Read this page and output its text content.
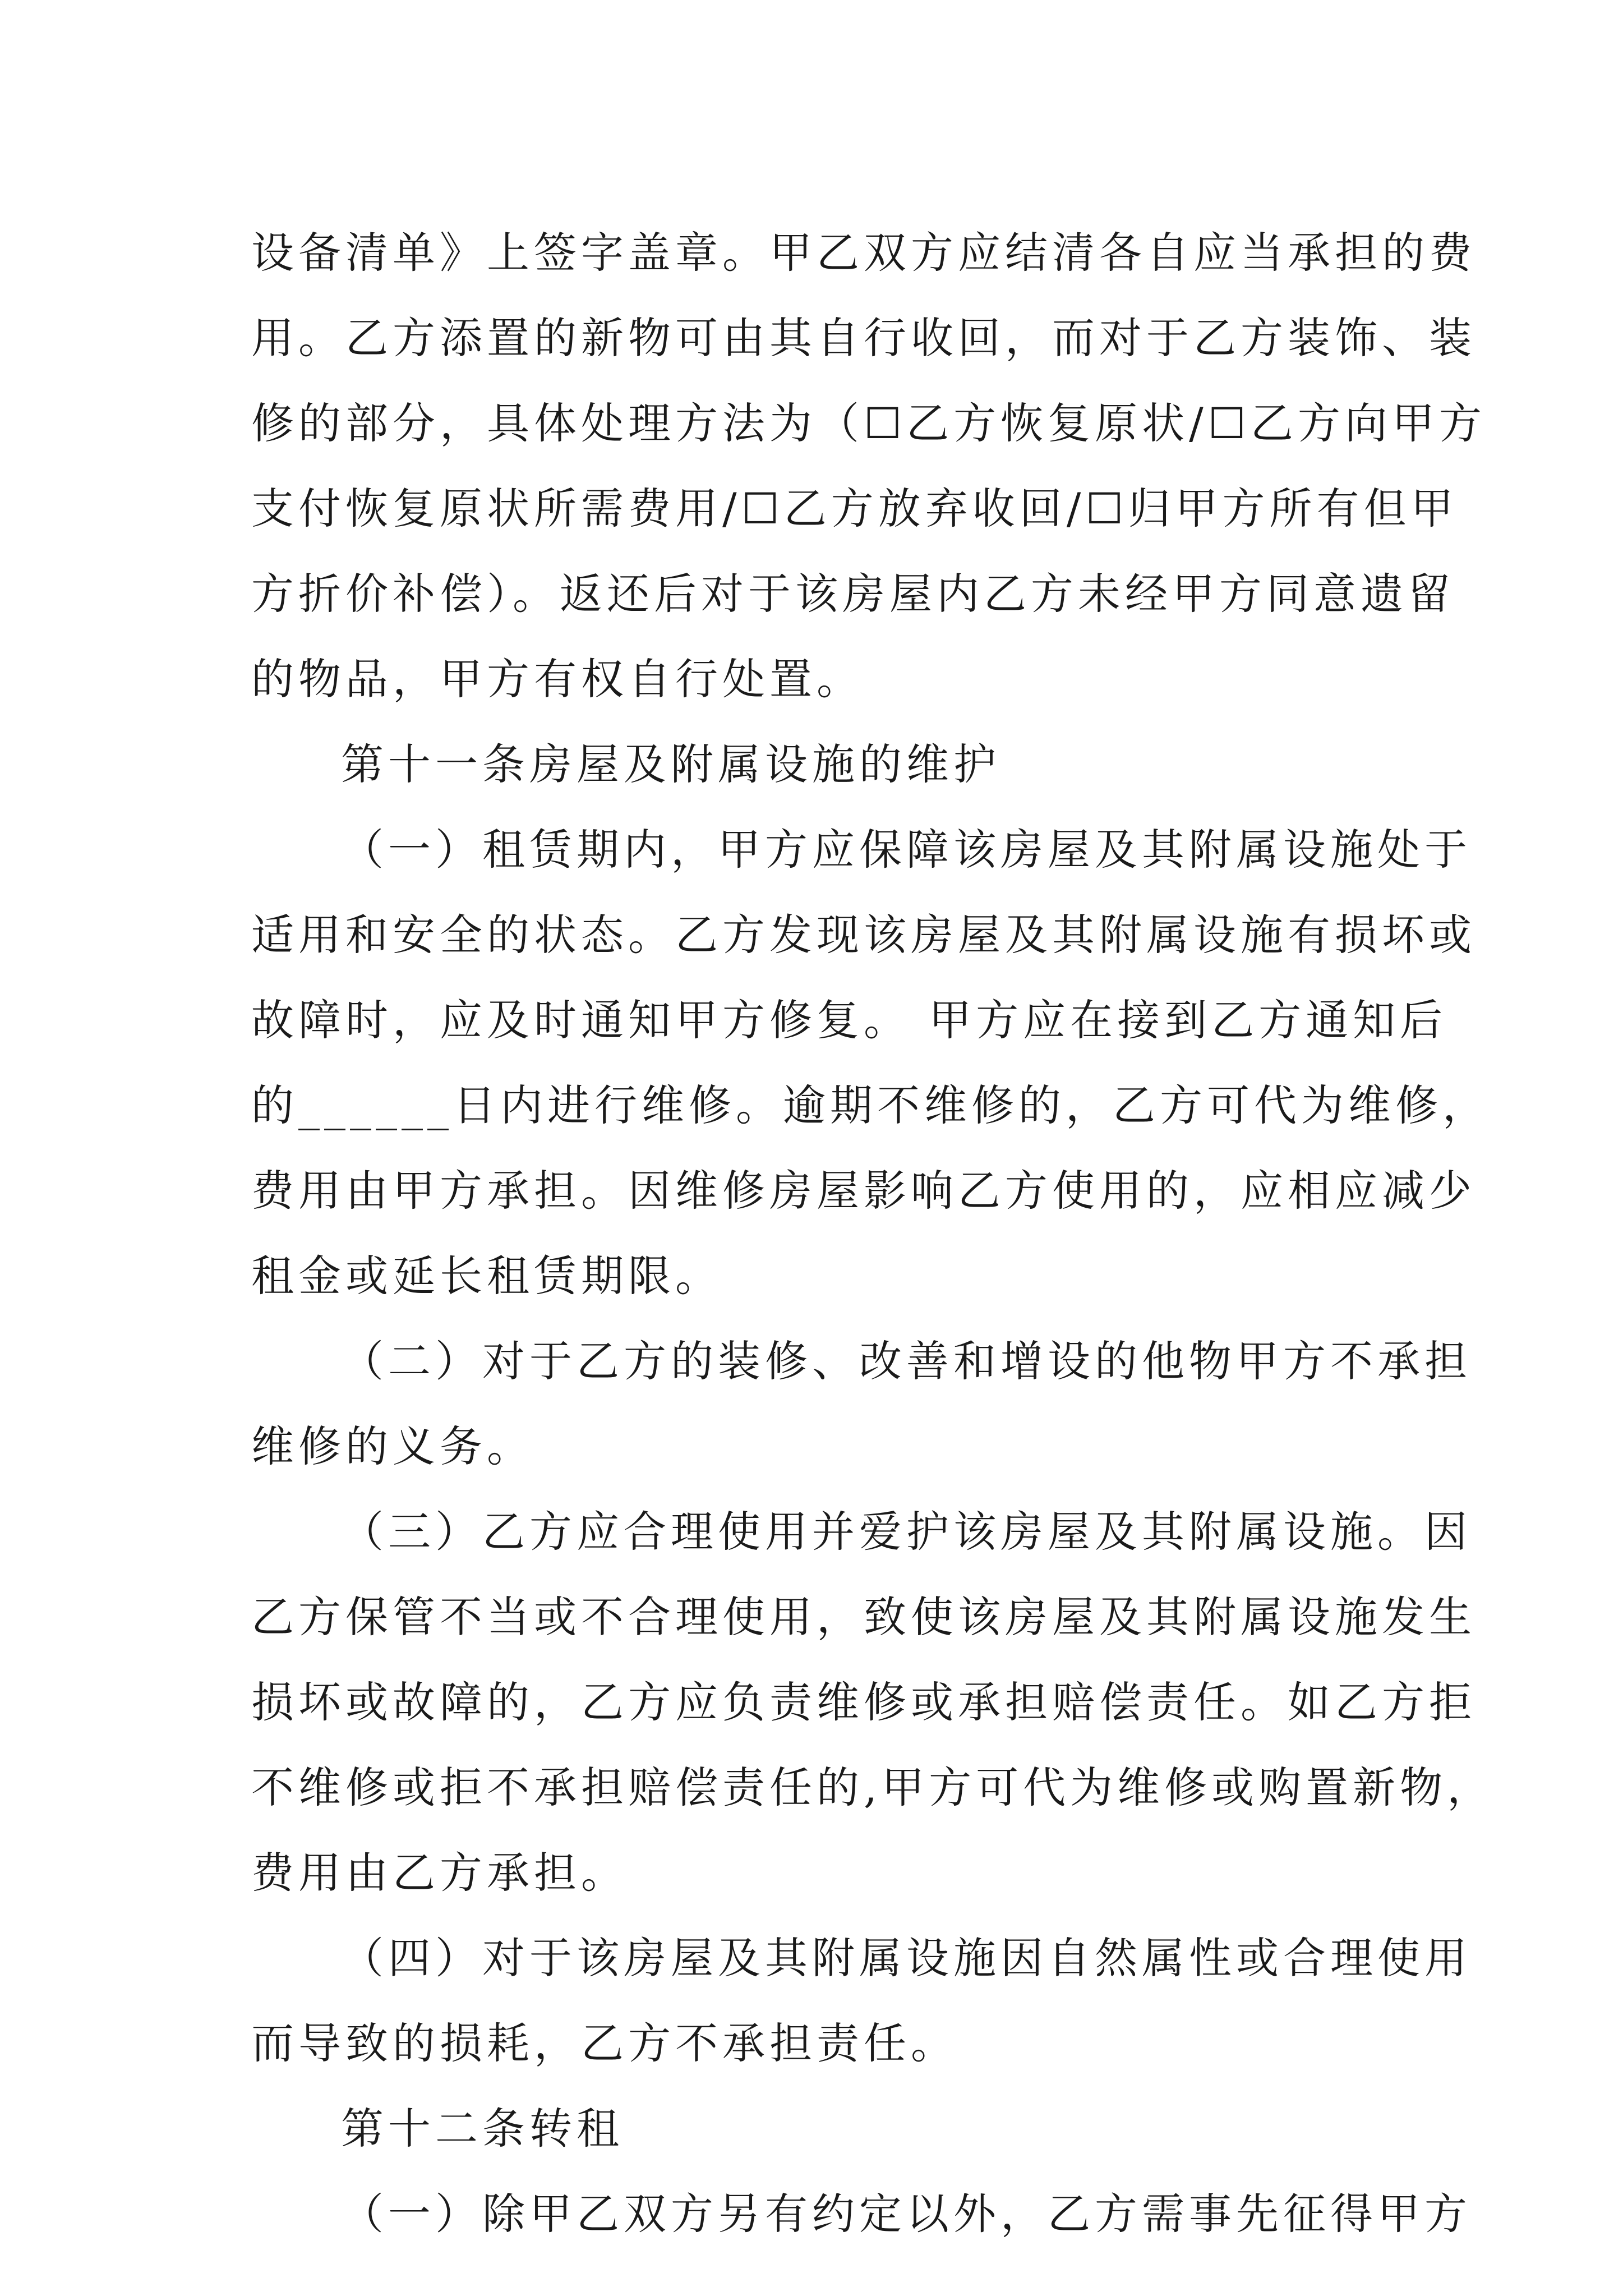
设备清单》上签字盖章。甲乙双方应结清各自应当承担的费
用。乙方添置的新物可由其自行收回，而对于乙方装饰、装
修的部分，具体处理方法为（☐乙方恢复原状/☐乙方向甲方
支付恢复原状所需费用/☐乙方放弃收回/☐归甲方所有但甲
方折价补偿）。返还后对于该房屋内乙方未经甲方同意遗留
的物品，甲方有权自行处置。
第十一条房屋及附属设施的维护
（一）租赁期内，甲方应保障该房屋及其附属设施处于
适用和安全的状态。乙方发现该房屋及其附属设施有损坏或
故障时，应及时通知甲方修复。 甲方应在接到乙方通知后
的______日内进行维修。逾期不维修的，乙方可代为维修，
费用由甲方承担。因维修房屋影响乙方使用的，应相应减少
租金或延长租赁期限。
（二）对于乙方的装修、改善和增设的他物甲方不承担
维修的义务。
（三）乙方应合理使用并爱护该房屋及其附属设施。因
乙方保管不当或不合理使用，致使该房屋及其附属设施发生
损坏或故障的，乙方应负责维修或承担赔偿责任。如乙方拒
不维修或拒不承担赔偿责任的,甲方可代为维修或购置新物，
费用由乙方承担。
（四）对于该房屋及其附属设施因自然属性或合理使用
而导致的损耗，乙方不承担责任。
第十二条转租
（一）除甲乙双方另有约定以外，乙方需事先征得甲方
